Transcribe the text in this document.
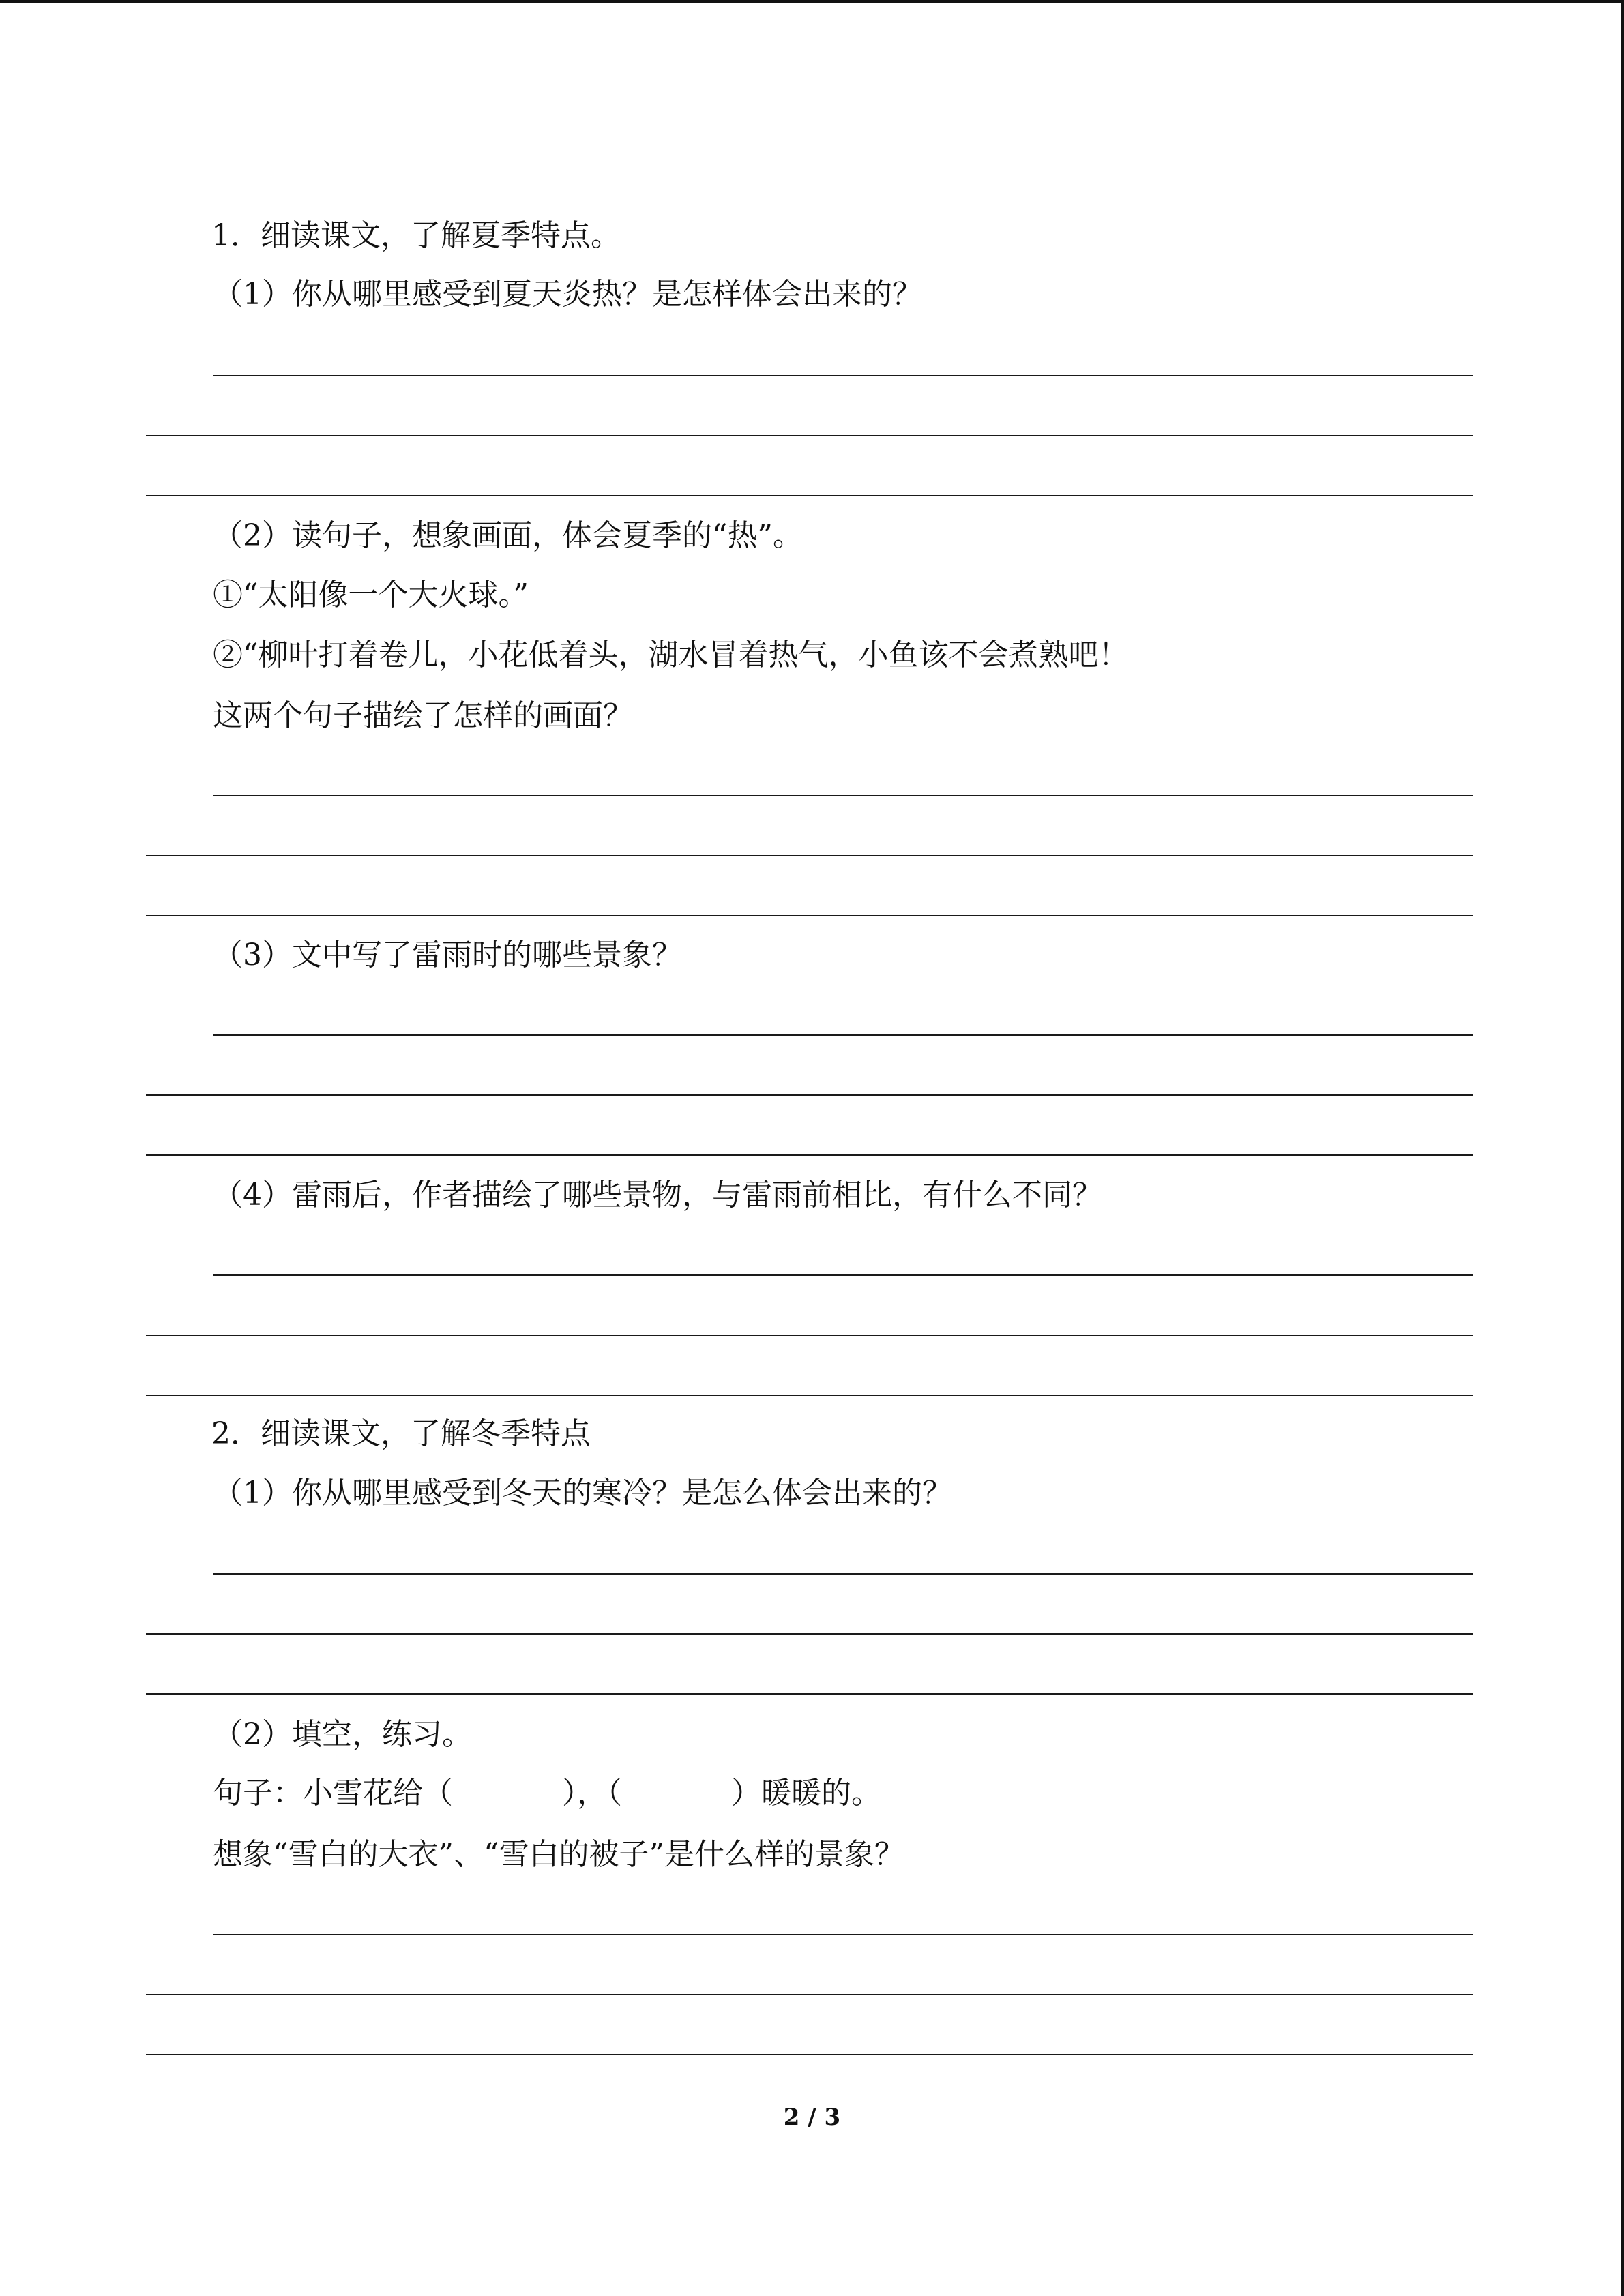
1．细读课文，了解夏季特点。
（1）你从哪里感受到夏天炎热？是怎样体会出来的？
（2）读句子，想象画面，体会夏季的“热”。
①“太阳像一个大火球。”
②“柳叶打着卷儿，小花低着头，湖水冒着热气，小鱼该不会煮熟吧！
这两个句子描绘了怎样的画面？
（3）文中写了雷雨时的哪些景象？
（4）雷雨后，作者描绘了哪些景物，与雷雨前相比，有什么不同？
2．细读课文，了解冬季特点
（1）你从哪里感受到冬天的寒冷？是怎么体会出来的？
（2）填空，练习。
句子：小雪花给（	），（	）暖暖的。
想象“雪白的大衣”、“雪白的被子”是什么样的景象？
2 / 3
